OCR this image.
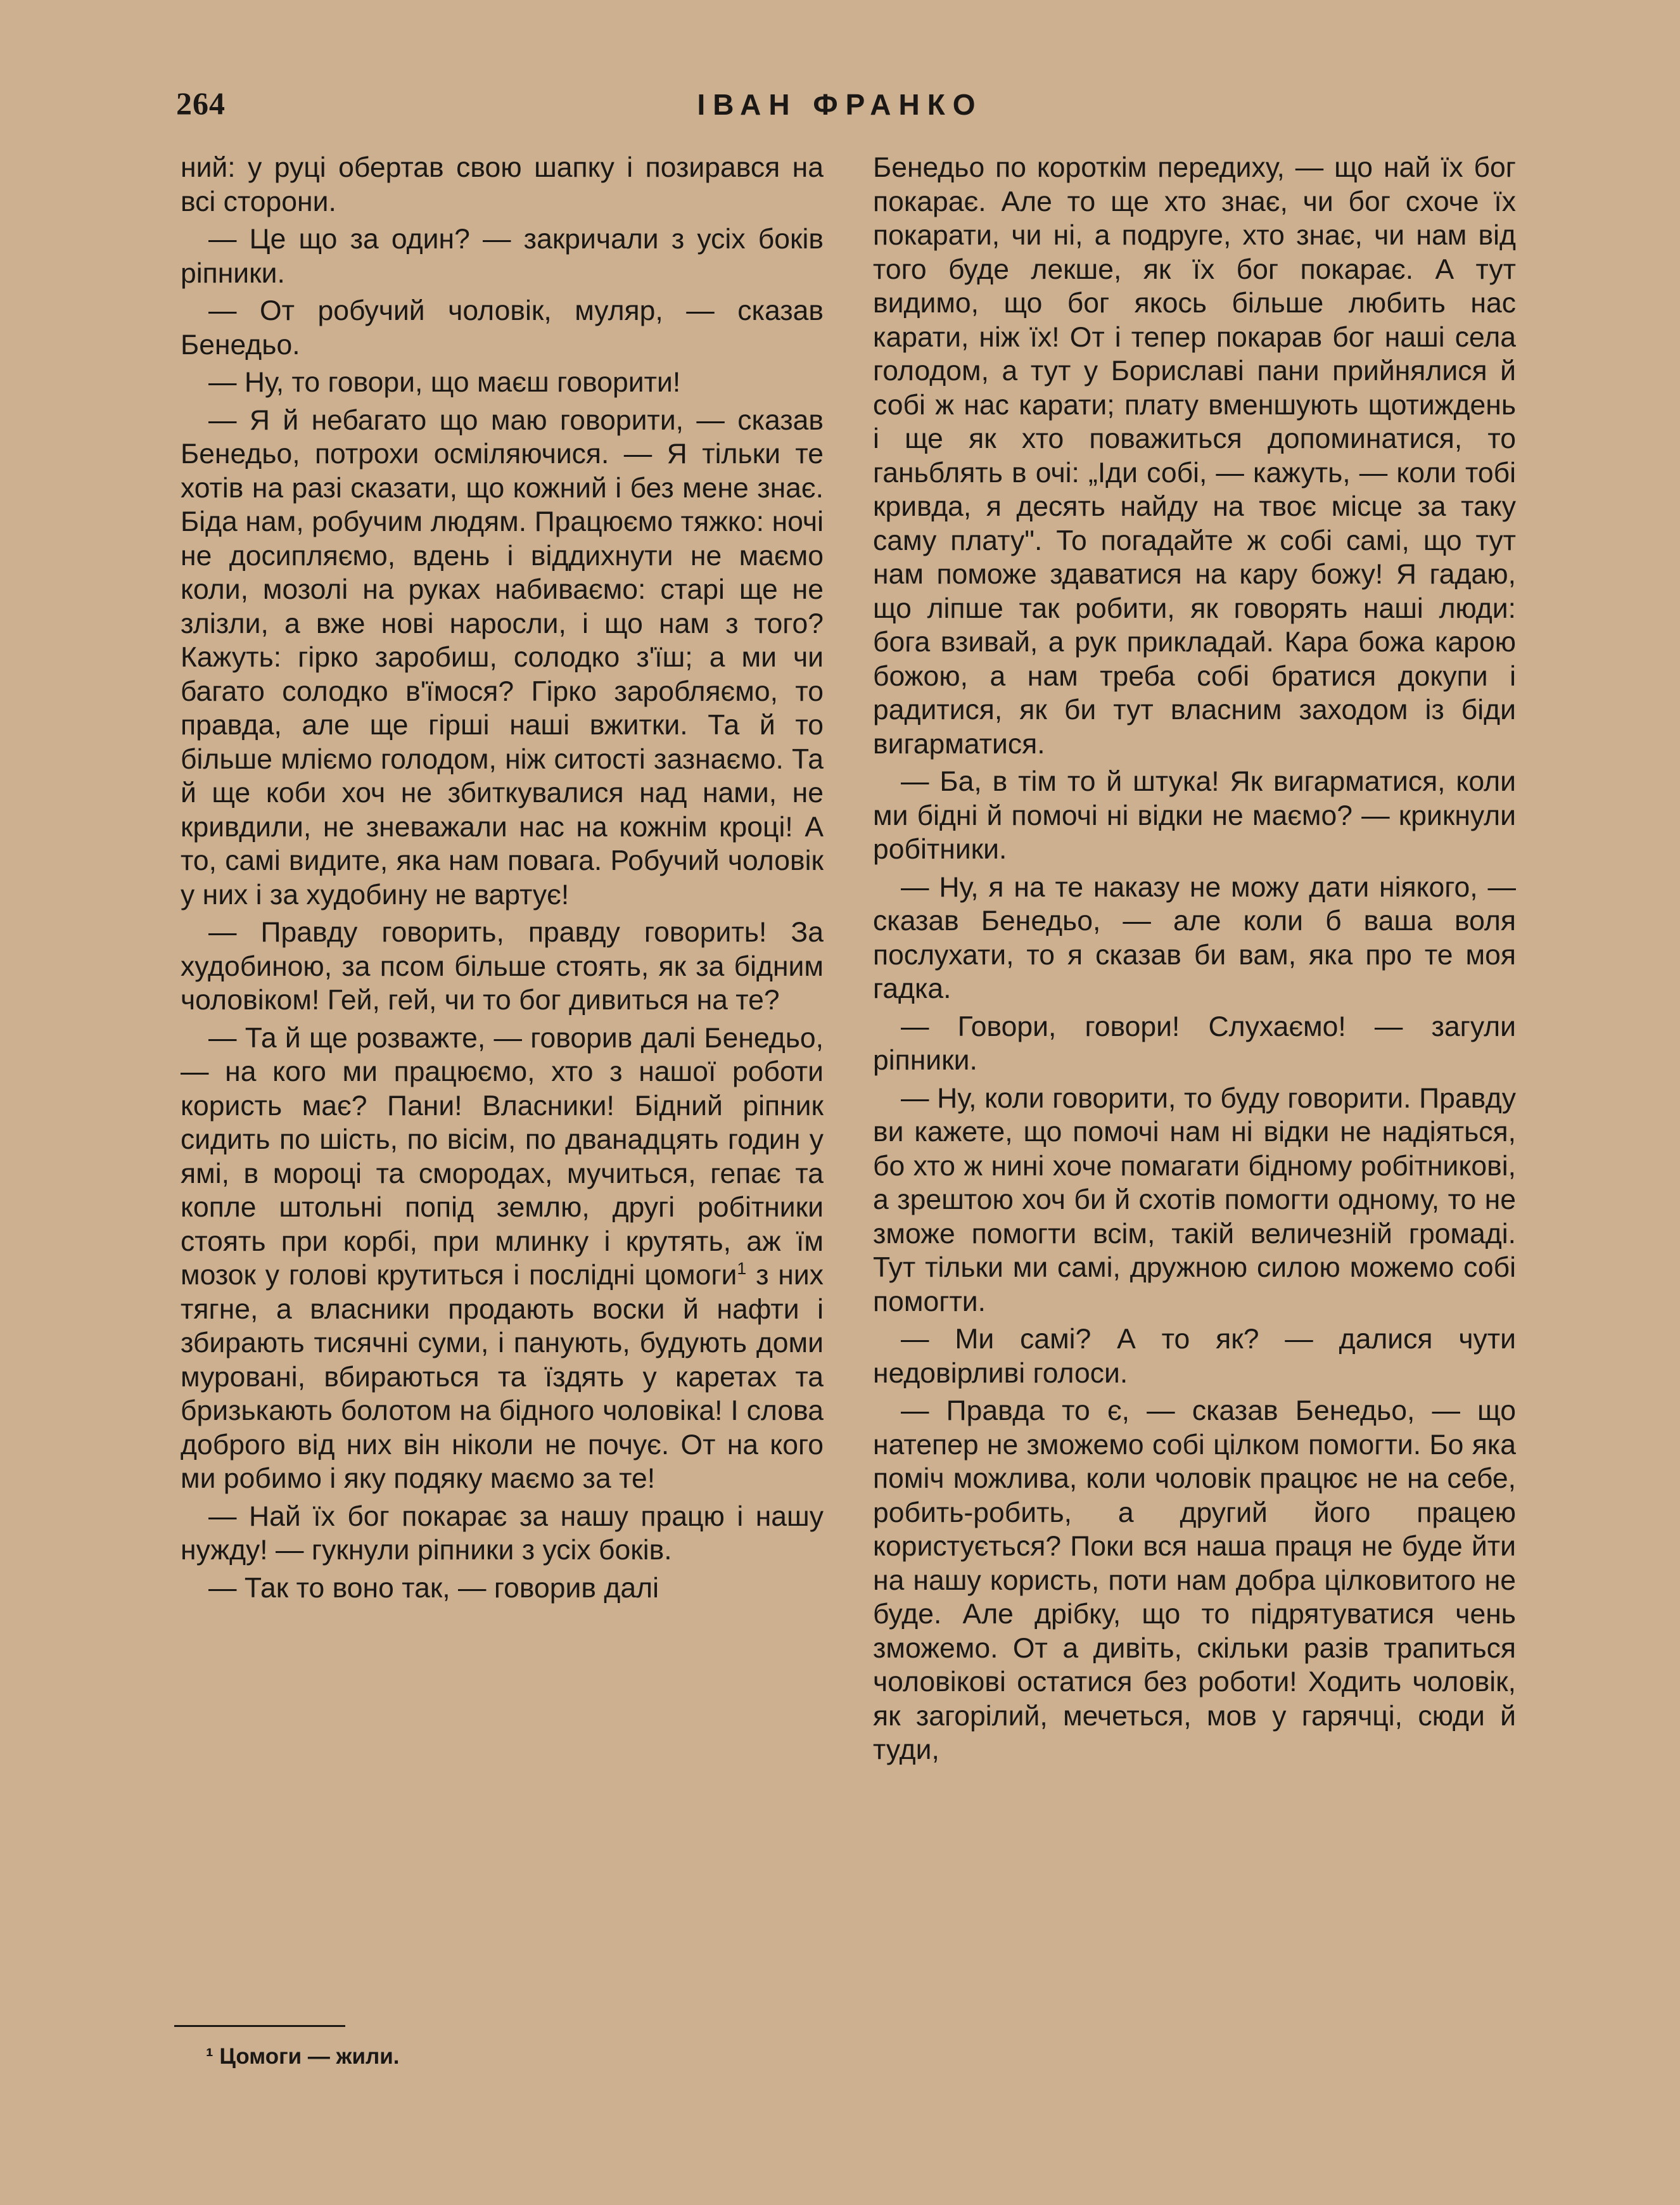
264	ІВАН ФРАНКО

ний: у руці обертав свою шапку і позирався на всі сторони.

— Це що за один? — закричали з усіх боків ріпники.

— От робучий чоловік, муляр, — сказав Бенедьо.

— Ну, то говори, що маєш говорити!

— Я й небагато що маю говорити, — сказав Бенедьо, потрохи осміляючися. — Я тільки те хотів на разі сказати, що кожний і без мене знає. Біда нам, робучим людям. Працюємо тяжко: ночі не досипляємо, вдень і віддихнути не маємо коли, мозолі на руках набиваємо: старі ще не злізли, а вже нові наросли, і що нам з того? Кажуть: гірко заробиш, солодко з'їш; а ми чи багато солодко в'їмося? Гірко заробляємо, то правда, але ще гірші наші вжитки. Та й то більше мліємо голодом, ніж ситості зазнаємо. Та й ще коби хоч не збиткувалися над нами, не кривдили, не зневажали нас на кожнім кроці! А то, самі видите, яка нам повага. Робучий чоловік у них і за худобину не вартує!

— Правду говорить, правду говорить! За худобиною, за псом більше стоять, як за бідним чоловіком! Гей, гей, чи то бог дивиться на те?

— Та й ще розважте, — говорив далі Бенедьо, — на кого ми працюємо, хто з нашої роботи користь має? Пани! Власники! Бідний ріпник сидить по шість, по вісім, по дванадцять годин у ямі, в мороці та смородах, мучиться, гепає та копле штольні попід землю, другі робітники стоять при корбі, при млинку і крутять, аж їм мозок у голові крутиться і послідні цомоги$^1$ з них тягне, а власники продають воски й нафти і збирають тисячні суми, і панують, будують доми муровані, вбираються та їздять у каретах та бризькають болотом на бідного чоловіка! І слова доброго від них він ніколи не почує. От на кого ми робимо і яку подяку маємо за те!

— Най їх бог покарає за нашу працю і нашу нужду! — гукнули ріпники з усіх боків.

— Так то воно так, — говорив далі

Бенедьо по короткім передиху, — що най їх бог покарає. Але то ще хто знає, чи бог схоче їх покарати, чи ні, а подруге, хто знає, чи нам від того буде лекше, як їх бог покарає. А тут видимо, що бог якось більше любить нас карати, ніж їх! От і тепер покарав бог наші села голодом, а тут у Бориславі пани прийнялися й собі ж нас карати; плату вменшують щотиждень і ще як хто поважиться допоминатися, то ганьблять в очі: „Іди собі, — кажуть, — коли тобі кривда, я десять найду на твоє місце за таку саму плату". То погадайте ж собі самі, що тут нам поможе здаватися на кару божу! Я гадаю, що ліпше так робити, як говорять наші люди: бога взивай, а рук прикладай. Кара божа карою божою, а нам треба собі братися докупи і радитися, як би тут власним заходом із біди вигарматися.

— Ба, в тім то й штука! Як вигарматися, коли ми бідні й помочі ні відки не маємо? — крикнули робітники.

— Ну, я на те наказу не можу дати ніякого, — сказав Бенедьо, — але коли б ваша воля послухати, то я сказав би вам, яка про те моя гадка.

— Говори, говори! Слухаємо! — загули ріпники.

— Ну, коли говорити, то буду говорити. Правду ви кажете, що помочі нам ні відки не надіяться, бо хто ж нині хоче помагати бідному робітникові, а зрештою хоч би й схотів помогти одному, то не зможе помогти всім, такій величезній громаді. Тут тільки ми самі, дружною силою можемо собі помогти.

— Ми самі? А то як? — далися чути недовірливі голоси.

— Правда то є, — сказав Бенедьо, — що натепер не зможемо собі цілком помогти. Бо яка поміч можлива, коли чоловік працює не на себе, робить-робить, а другий його працею користується? Поки вся наша праця не буде йти на нашу користь, поти нам добра цілковитого не буде. Але дрібку, що то підрятуватися чень зможемо. От а дивіть, скільки разів трапиться чоловікові остатися без роботи! Ходить чоловік, як загорілий, мечеться, мов у гарячці, сюди й туди,

¹ Цомоги — жили.
